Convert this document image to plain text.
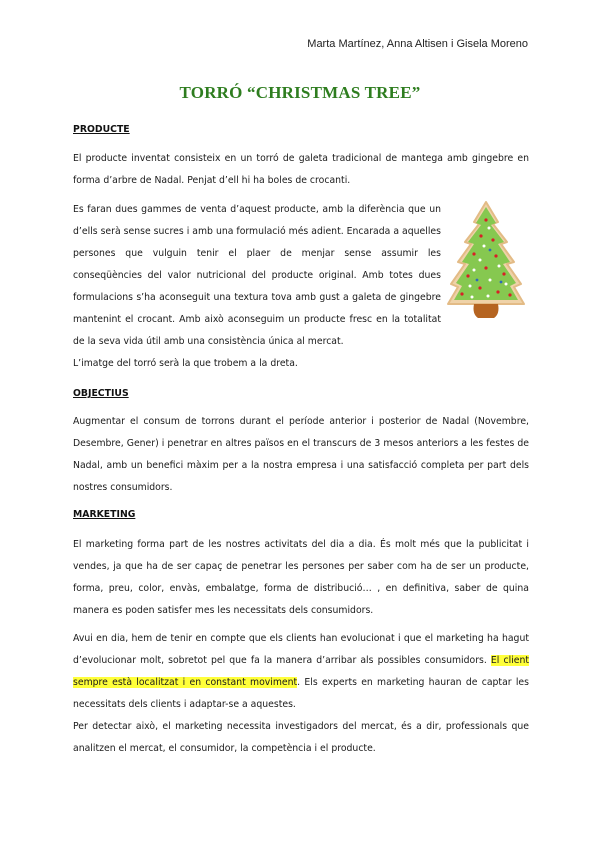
Marta Martínez, Anna Altisen i Gisela Moreno
TORRÓ “CHRISTMAS TREE”
PRODUCTE

El producte inventat consisteix en un torró de galeta tradicional de mantega amb gingebre en forma d’arbre de Nadal. Penjat d’ell hi ha boles de crocanti.

Es faran dues gammes de venta d’aquest producte, amb la diferència que un d’ells serà sense sucres i amb una formulació més adient. Encarada a aquelles persones que vulguin tenir el plaer de menjar sense assumir les conseqüències del valor nutricional del producte original. Amb totes dues formulacions s’ha aconseguit una textura tova amb gust a galeta de gingebre mantenint el crocant. Amb això aconseguim un producte fresc en la totalitat de la seva vida útil amb una consistència única al mercat.

L’imatge del torró serà la que trobem a la dreta.

OBJECTIUS

Augmentar el consum de torrons durant el període anterior i posterior de Nadal (Novembre, Desembre, Gener) i penetrar en altres països en el transcurs de 3 mesos anteriors a les festes de Nadal, amb un benefici màxim per a la nostra empresa i una satisfacció completa per part dels nostres consumidors.

MARKETING

El marketing forma part de les nostres activitats del dia a dia. És molt més que la publicitat i vendes, ja que ha de ser capaç de penetrar les persones per saber com ha de ser un producte, forma, preu, color, envàs, embalatge, forma de distribució… , en definitiva, saber de quina manera es poden satisfer mes les necessitats dels consumidors.

Avui en dia, hem de tenir en compte que els clients han evolucionat i que el marketing ha hagut d’evolucionar molt, sobretot pel que fa la manera d’arribar als possibles consumidors. El client sempre està localitzat i en constant moviment. Els experts en marketing hauran de captar les necessitats dels clients i adaptar-se a aquestes.

Per detectar això, el marketing necessita investigadors del mercat, és a dir, professionals que analitzen el mercat, el consumidor, la competència i el producte.
